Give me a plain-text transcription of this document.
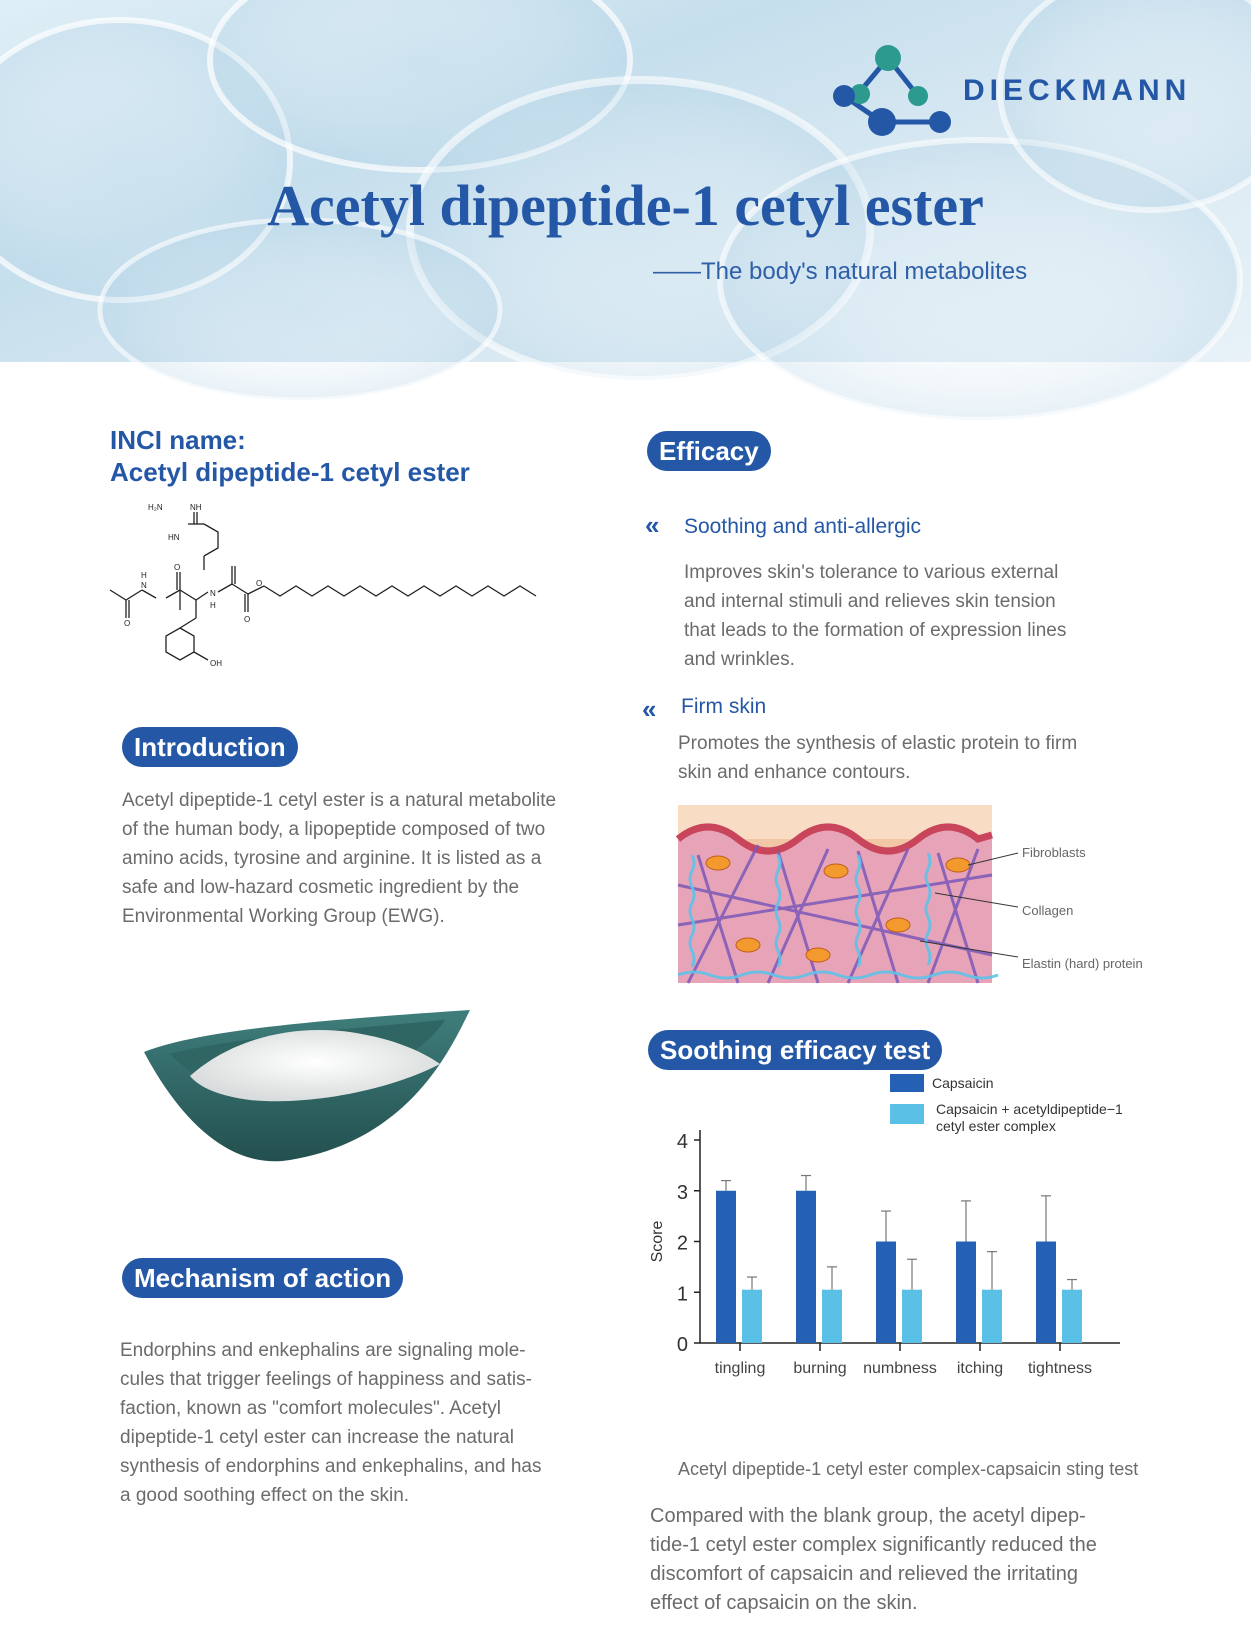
DIECKMANN
Acetyl dipeptide-1 cetyl ester
——The body's natural metabolites
INCI name:
Acetyl dipeptide-1 cetyl ester
H₂N	NH
HN
N
H
N
H
O
O
O
O
OH
Introduction
Acetyl dipeptide-1 cetyl ester is a natural metabolite
of the human body, a lipopeptide composed of two
amino acids, tyrosine and arginine. It is listed as a
safe and low-hazard cosmetic ingredient by the
Environmental Working Group (EWG).
Mechanism of action
Endorphins and enkephalins are signaling mole-
cules that trigger feelings of happiness and satis-
faction, known as "comfort molecules". Acetyl
dipeptide-1 cetyl ester can increase the natural
synthesis of endorphins and enkephalins, and has
a good soothing effect on the skin.
Efficacy
« Soothing and anti-allergic
Improves skin's tolerance to various external
and internal stimuli and relieves skin tension
that leads to the formation of expression lines
and wrinkles.
« Firm skin
Promotes the synthesis of elastic protein to firm
skin and enhance contours.
Fibroblasts
Collagen
Elastin (hard) protein
Soothing efficacy test
Capsaicin
Capsaicin + acetyldipeptide−1
cetyl ester complex
0
1
2
3
4
Score
tingling burning numbness itching tightness
Acetyl dipeptide-1 cetyl ester complex-capsaicin sting test
Compared with the blank group, the acetyl dipep-
tide-1 cetyl ester complex significantly reduced the
discomfort of capsaicin and relieved the irritating
effect of capsaicin on the skin.
